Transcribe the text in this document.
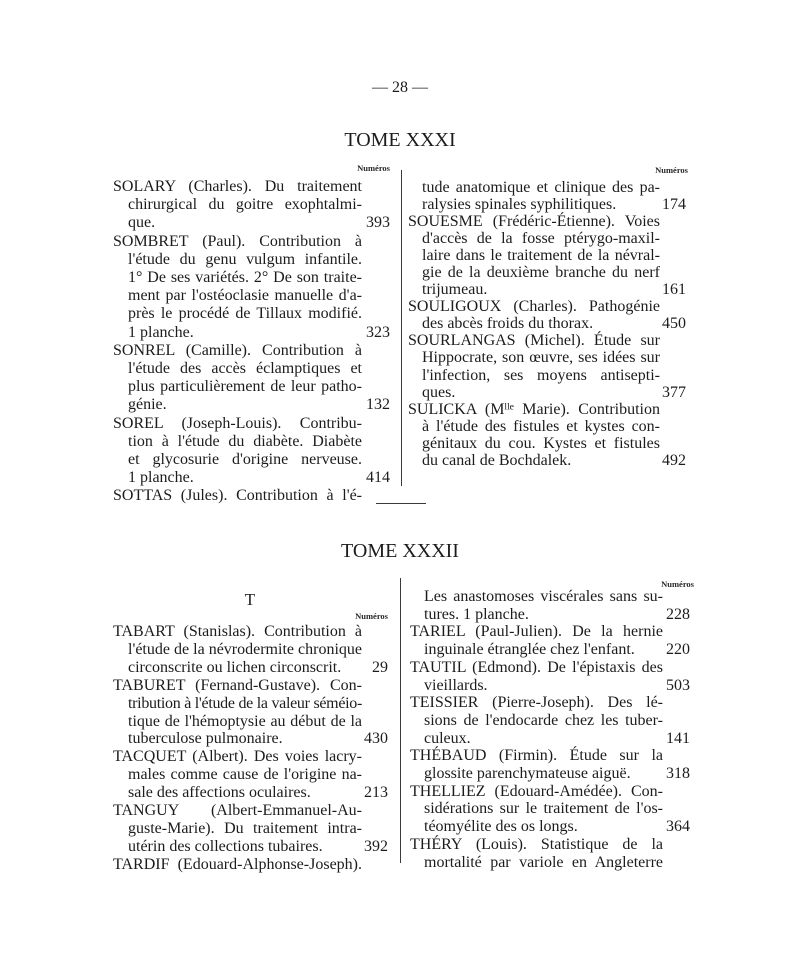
— 28 —
TOME XXXI
Numéros	Numéros
SOLARY (Charles). Du traitement
chirurgical du goitre exophtalmi-
que.	393
SOMBRET (Paul). Contribution à
l'étude du genu vulgum infantile.
1° De ses variétés. 2° De son traite-
ment par l'ostéoclasie manuelle d'a-
près le procédé de Tillaux modifié.
1 planche.	323
SONREL (Camille). Contribution à
l'étude des accès éclamptiques et
plus particulièrement de leur patho-
génie.	132
SOREL (Joseph-Louis). Contribu-
tion à l'étude du diabète. Diabète
et glycosurie d'origine nerveuse.
1 planche.	414
SOTTAS (Jules). Contribution à l'é-
tude anatomique et clinique des pa-
ralysies spinales syphilitiques.	174
SOUESME (Frédéric-Étienne). Voies
d'accès de la fosse ptérygo-maxil-
laire dans le traitement de la névral-
gie de la deuxième branche du nerf
trijumeau.	161
SOULIGOUX (Charles). Pathogénie
des abcès froids du thorax.	450
SOURLANGAS (Michel). Étude sur
Hippocrate, son œuvre, ses idées sur
l'infection, ses moyens antisepti-
ques.	377
SULICKA (Mˡˡᵉ Marie). Contribution
à l'étude des fistules et kystes con-
génitaux du cou. Kystes et fistules
du canal de Bochdalek.	492
TOME XXXII
T
Numéros
Numéros
TABART (Stanislas). Contribution à
l'étude de la névrodermite chronique
circonscrite ou lichen circonscrit.	29
TABURET (Fernand-Gustave). Con-
tribution à l'étude de la valeur séméio-
tique de l'hémoptysie au début de la
tuberculose pulmonaire.	430
TACQUET (Albert). Des voies lacry-
males comme cause de l'origine na-
sale des affections oculaires.	213
TANGUY (Albert-Emmanuel-Au-
guste-Marie). Du traitement intra-
utérin des collections tubaires.	392
TARDIF (Edouard-Alphonse-Joseph).
Les anastomoses viscérales sans su-
tures. 1 planche.	228
TARIEL (Paul-Julien). De la hernie
inguinale étranglée chez l'enfant.	220
TAUTIL (Edmond). De l'épistaxis des
vieillards.	503
TEISSIER (Pierre-Joseph). Des lé-
sions de l'endocarde chez les tuber-
culeux.	141
THÉBAUD (Firmin). Étude sur la
glossite parenchymateuse aiguë.	318
THELLIEZ (Edouard-Amédée). Con-
sidérations sur le traitement de l'os-
téomyélite des os longs.	364
THÉRY (Louis). Statistique de la
mortalité par variole en Angleterre
